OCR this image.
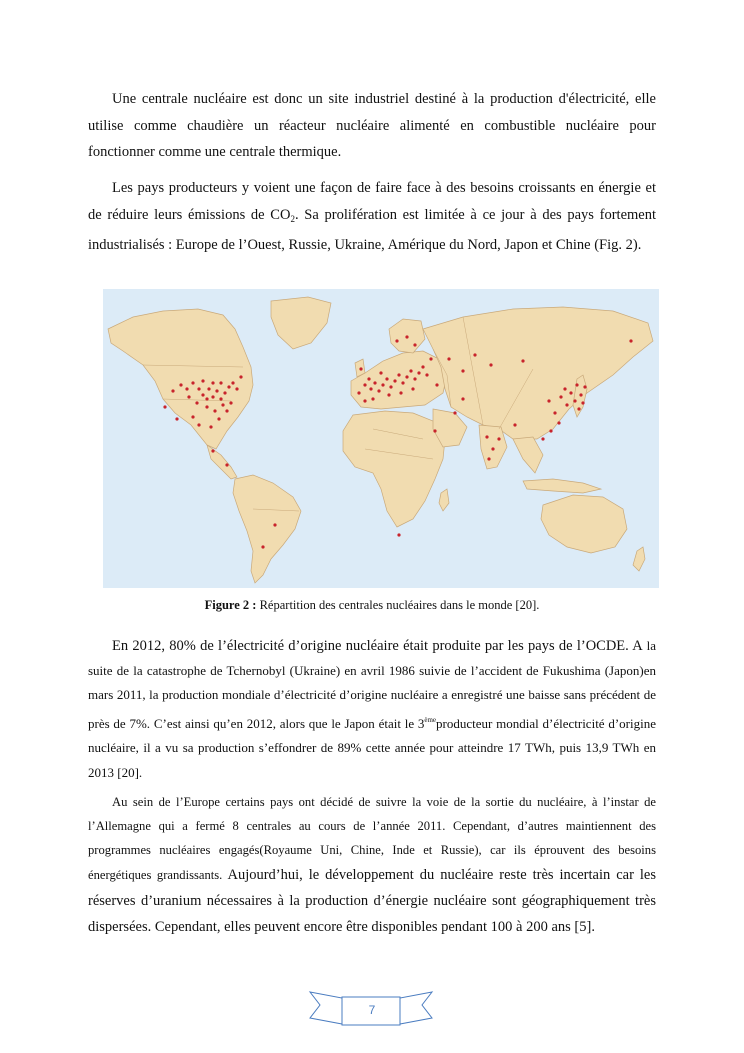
Une centrale nucléaire est donc un site industriel destiné à la production d'électricité, elle utilise comme chaudière un réacteur nucléaire alimenté en combustible nucléaire pour fonctionner comme une centrale thermique.

Les pays producteurs y voient une façon de faire face à des besoins croissants en énergie et de réduire leurs émissions de $CO_2$. Sa prolifération est limitée à ce jour à des pays fortement industrialisés : Europe de l’Ouest, Russie, Ukraine, Amérique du Nord, Japon et Chine (Fig. 2).

Figure 2 : Répartition des centrales nucléaires dans le monde [20].

En 2012, 80% de l’électricité d’origine nucléaire était produite par les pays de l’OCDE. A la suite de la catastrophe de Tchernobyl (Ukraine) en avril 1986 suivie de l’accident de Fukushima (Japon)en mars 2011, la production mondiale d’électricité d’origine nucléaire a enregistré une baisse sans précédent de près de 7%. C’est ainsi qu’en 2012, alors que le Japon était le 3èmeproducteur mondial d’électricité d’origine nucléaire, il a vu sa production s’effondrer de 89% cette année pour atteindre 17 TWh, puis 13,9 TWh en 2013 [20].

Au sein de l’Europe certains pays ont décidé de suivre la voie de la sortie du nucléaire, à l’instar de l’Allemagne qui a fermé 8 centrales au cours de l’année 2011. Cependant, d’autres maintiennent des programmes nucléaires engagés(Royaume Uni, Chine, Inde et Russie), car ils éprouvent des besoins énergétiques grandissants. Aujourd’hui, le développement du nucléaire reste très incertain car les réserves d’uranium nécessaires à la production d’énergie nucléaire sont géographiquement très dispersées. Cependant, elles peuvent encore être disponibles pendant 100 à 200 ans [5].

7
